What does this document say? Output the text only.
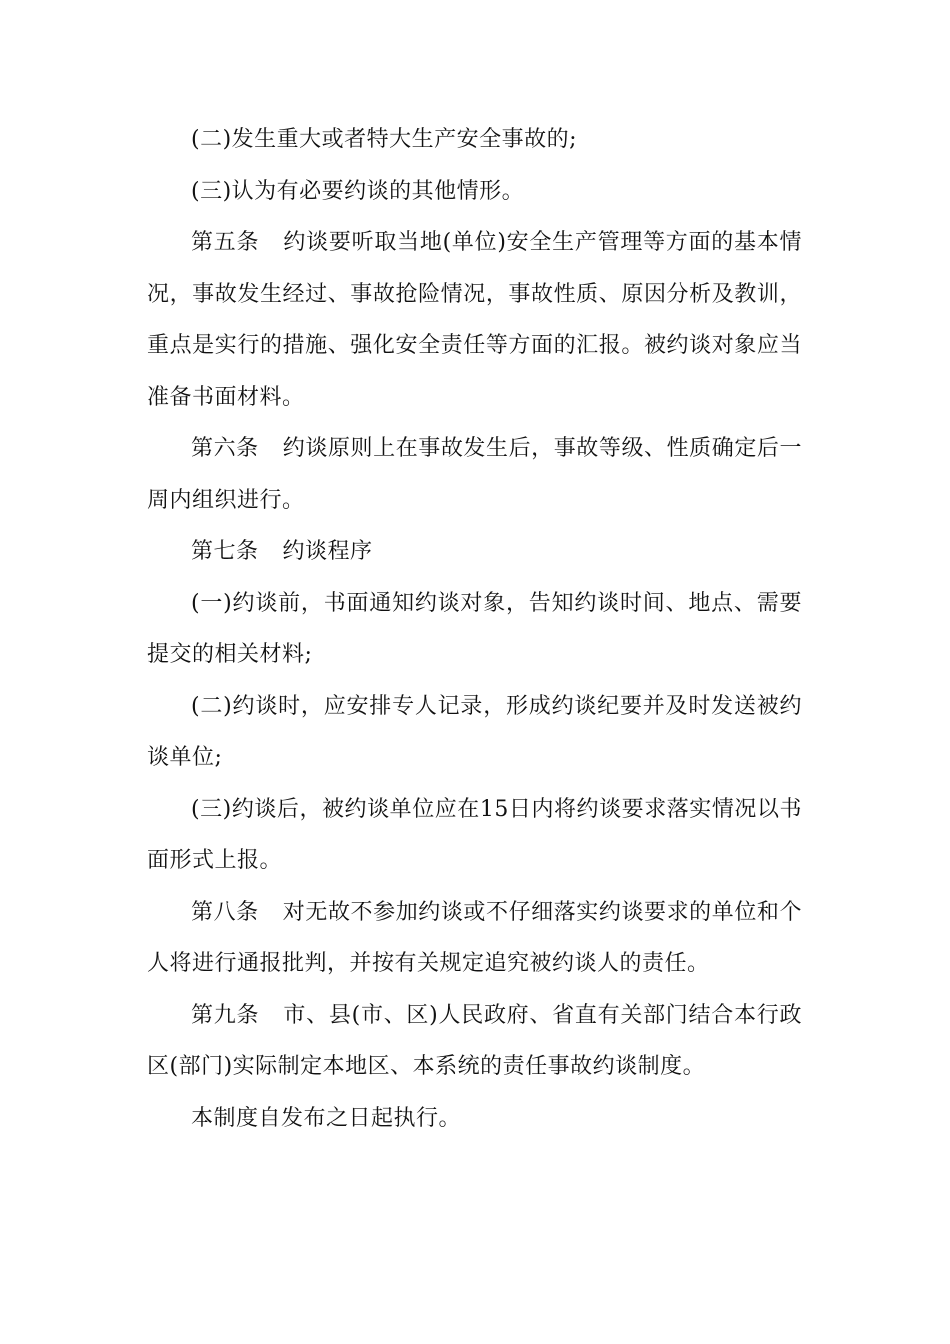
(二)发生重大或者特大生产安全事故的;

(三)认为有必要约谈的其他情形。

第五条 约谈要听取当地(单位)安全生产管理等方面的基本情况，事故发生经过、事故抢险情况，事故性质、原因分析及教训，重点是实行的措施、强化安全责任等方面的汇报。被约谈对象应当准备书面材料。

第六条 约谈原则上在事故发生后，事故等级、性质确定后一周内组织进行。

第七条 约谈程序

(一)约谈前，书面通知约谈对象，告知约谈时间、地点、需要提交的相关材料;

(二)约谈时，应安排专人记录，形成约谈纪要并及时发送被约谈单位;

(三)约谈后，被约谈单位应在15日内将约谈要求落实情况以书面形式上报。

第八条 对无故不参加约谈或不仔细落实约谈要求的单位和个人将进行通报批判，并按有关规定追究被约谈人的责任。

第九条 市、县(市、区)人民政府、省直有关部门结合本行政区(部门)实际制定本地区、本系统的责任事故约谈制度。

本制度自发布之日起执行。
